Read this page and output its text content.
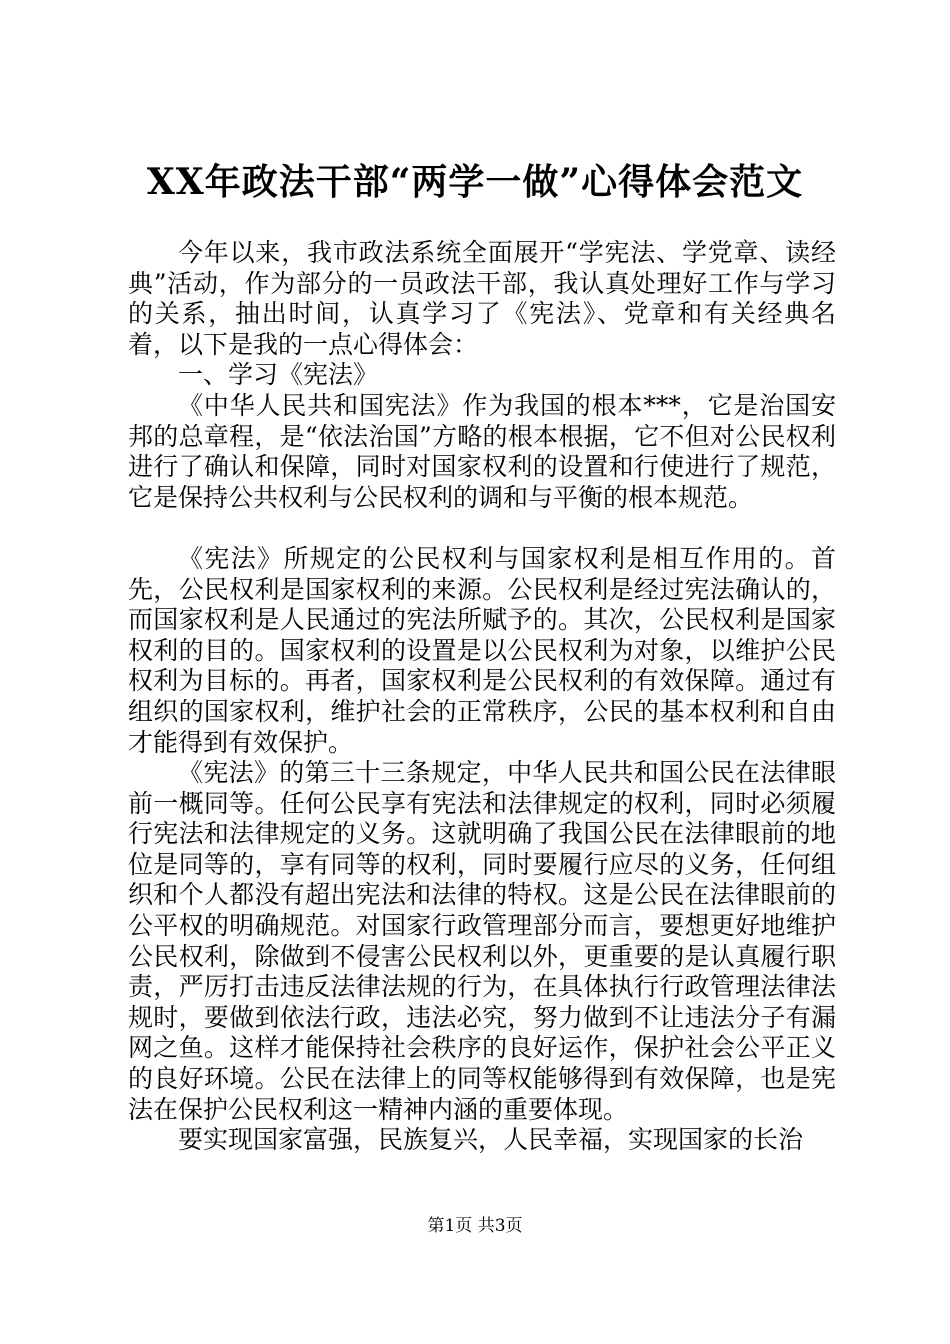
XX年政法干部“两学一做”心得体会范文

今年以来，我市政法系统全面展开“学宪法、学党章、读经典”活动，作为部分的一员政法干部，我认真处理好工作与学习的关系，抽出时间，认真学习了《宪法》、党章和有关经典名着，以下是我的一点心得体会：

一、学习《宪法》

《中华人民共和国宪法》作为我国的根本***，它是治国安邦的总章程，是“依法治国”方略的根本根据，它不但对公民权利进行了确认和保障，同时对国家权利的设置和行使进行了规范，它是保持公共权利与公民权利的调和与平衡的根本规范。

《宪法》所规定的公民权利与国家权利是相互作用的。首先，公民权利是国家权利的来源。公民权利是经过宪法确认的，而国家权利是人民通过的宪法所赋予的。其次，公民权利是国家权利的目的。国家权利的设置是以公民权利为对象，以维护公民权利为目标的。再者，国家权利是公民权利的有效保障。通过有组织的国家权利，维护社会的正常秩序，公民的基本权利和自由才能得到有效保护。

《宪法》的第三十三条规定，中华人民共和国公民在法律眼前一概同等。任何公民享有宪法和法律规定的权利，同时必须履行宪法和法律规定的义务。这就明确了我国公民在法律眼前的地位是同等的，享有同等的权利，同时要履行应尽的义务，任何组织和个人都没有超出宪法和法律的特权。这是公民在法律眼前的公平权的明确规范。对国家行政管理部分而言，要想更好地维护公民权利，除做到不侵害公民权利以外，更重要的是认真履行职责，严厉打击违反法律法规的行为，在具体执行行政管理法律法规时，要做到依法行政，违法必究，努力做到不让违法分子有漏网之鱼。这样才能保持社会秩序的良好运作，保护社会公平正义的良好环境。公民在法律上的同等权能够得到有效保障，也是宪法在保护公民权利这一精神内涵的重要体现。

要实现国家富强，民族复兴，人民幸福，实现国家的长治

第1页 共3页
